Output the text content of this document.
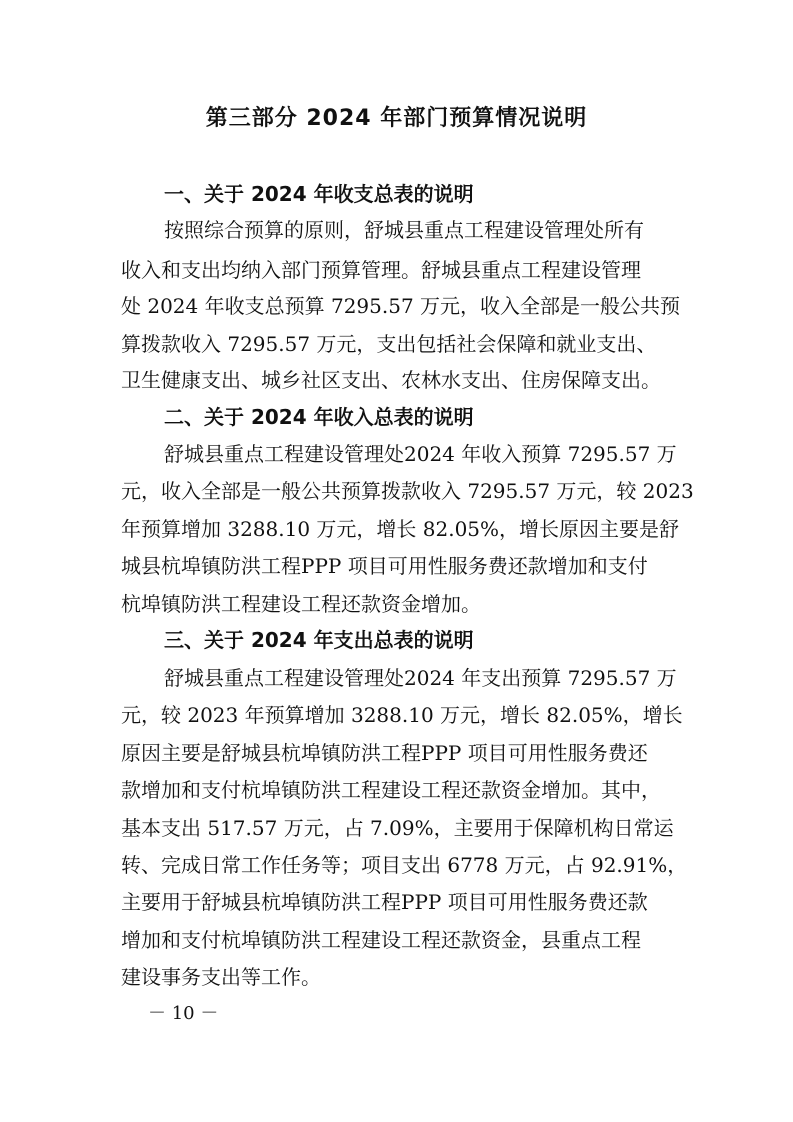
第三部分 2024 年部门预算情况说明
一、关于 2024 年收支总表的说明
按照综合预算的原则，舒城县重点工程建设管理处所有
收入和支出均纳入部门预算管理。舒城县重点工程建设管理
处 2024 年收支总预算 7295.57 万元，收入全部是一般公共预
算拨款收入 7295.57 万元，支出包括社会保障和就业支出、
卫生健康支出、城乡社区支出、农林水支出、住房保障支出。
二、关于 2024 年收入总表的说明
舒城县重点工程建设管理处2024 年收入预算 7295.57 万
元，收入全部是一般公共预算拨款收入 7295.57 万元，较 2023
年预算增加 3288.10 万元，增长 82.05%，增长原因主要是舒
城县杭埠镇防洪工程PPP 项目可用性服务费还款增加和支付
杭埠镇防洪工程建设工程还款资金增加。
三、关于 2024 年支出总表的说明
舒城县重点工程建设管理处2024 年支出预算 7295.57 万
元，较 2023 年预算增加 3288.10 万元，增长 82.05%，增长
原因主要是舒城县杭埠镇防洪工程PPP 项目可用性服务费还
款增加和支付杭埠镇防洪工程建设工程还款资金增加。其中，
基本支出 517.57 万元，占 7.09%，主要用于保障机构日常运
转、完成日常工作任务等；项目支出 6778 万元，占 92.91%，
主要用于舒城县杭埠镇防洪工程PPP 项目可用性服务费还款
增加和支付杭埠镇防洪工程建设工程还款资金，县重点工程
建设事务支出等工作。
－ 10 －
